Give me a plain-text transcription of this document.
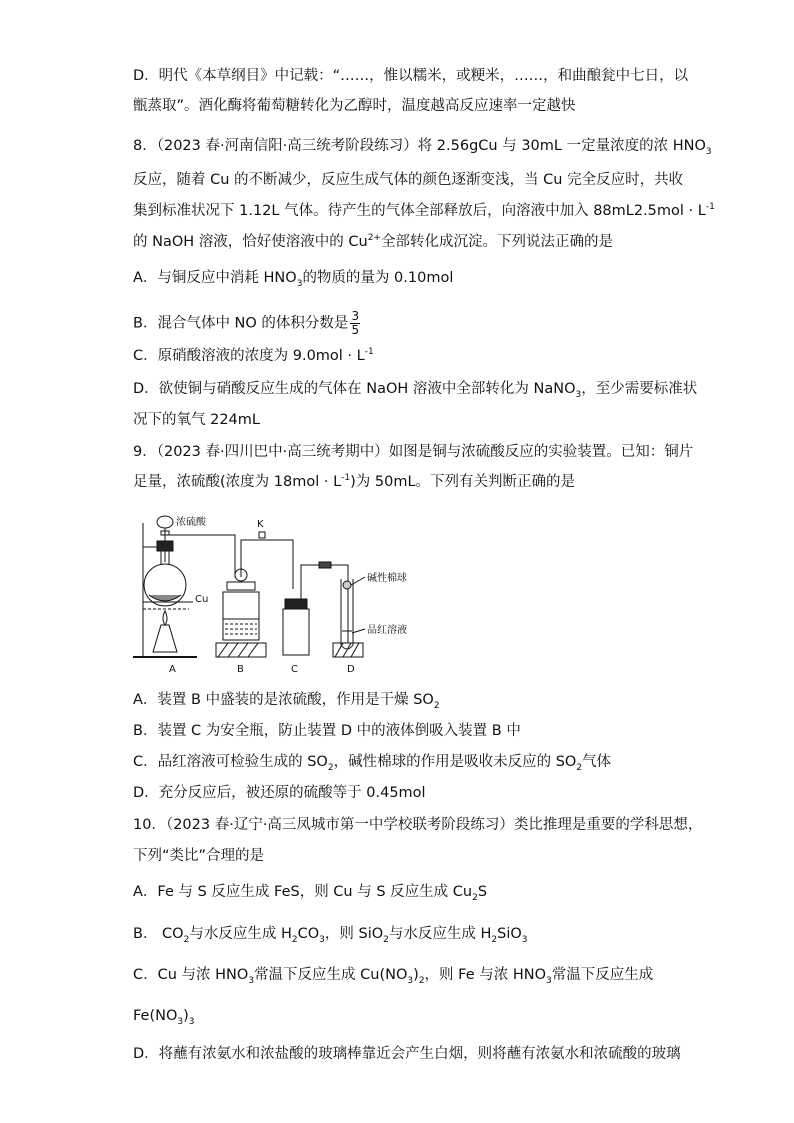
D．明代《本草纲目》中记载：“……，惟以糯米，或粳米，……，和曲酿瓮中七日，以
甑蒸取”。酒化酶将葡萄糖转化为乙醇时，温度越高反应速率一定越快
8．（2023 春·河南信阳·高三统考阶段练习）将 2.56gCu 与 30mL 一定量浓度的浓 $HNO_3$
反应，随着 Cu 的不断减少，反应生成气体的颜色逐渐变浅，当 Cu 完全反应时，共收
集到标准状况下 1.12L 气体。待产生的气体全部释放后，向溶液中加入 $88mL2.5mol \cdot L^{-1}$
的 NaOH 溶液，恰好使溶液中的 $Cu^{2+}$全部转化成沉淀。下列说法正确的是
A．与铜反应中消耗 $HNO_3$的物质的量为 0.10mol
B．混合气体中 NO 的体积分数是 $\frac{3}{5}$
C．原硝酸溶液的浓度为 $9.0mol \cdot L^{-1}$
D．欲使铜与硝酸反应生成的气体在 NaOH 溶液中全部转化为 NaNO$_3$，至少需要标准状
况下的氧气 224mL
9．（2023 春·四川巴中·高三统考期中）如图是铜与浓硫酸反应的实验装置。已知：铜片
足量，浓硫酸(浓度为 $18mol \cdot L^{-1}$)为 50mL。下列有关判断正确的是
Cu
浓硫酸	K
B	C
碱性棉球
品红溶液
D
A
A．装置 B 中盛装的是浓硫酸，作用是干燥 $SO_2$
B．装置 C 为安全瓶，防止装置 D 中的液体倒吸入装置 B 中
C．品红溶液可检验生成的 $SO_2$，碱性棉球的作用是吸收未反应的 $SO_2$气体
D．充分反应后，被还原的硫酸等于 0.45mol
10．（2023 春·辽宁·高三凤城市第一中学校联考阶段练习）类比推理是重要的学科思想，
下列“类比”合理的是
A．Fe 与 S 反应生成 FeS，则 Cu 与 S 反应生成 $Cu_2S$
B． $CO_2$与水反应生成 $H_2CO_3$，则 SiO$_2$与水反应生成 $H_2SiO_3$
C．Cu 与浓 $HNO_3$常温下反应生成 $Cu(NO_3)_2$，则 Fe 与浓 $HNO_3$常温下反应生成
$Fe(NO_3)_3$
D．将蘸有浓氨水和浓盐酸的玻璃棒靠近会产生白烟，则将蘸有浓氨水和浓硫酸的玻璃
